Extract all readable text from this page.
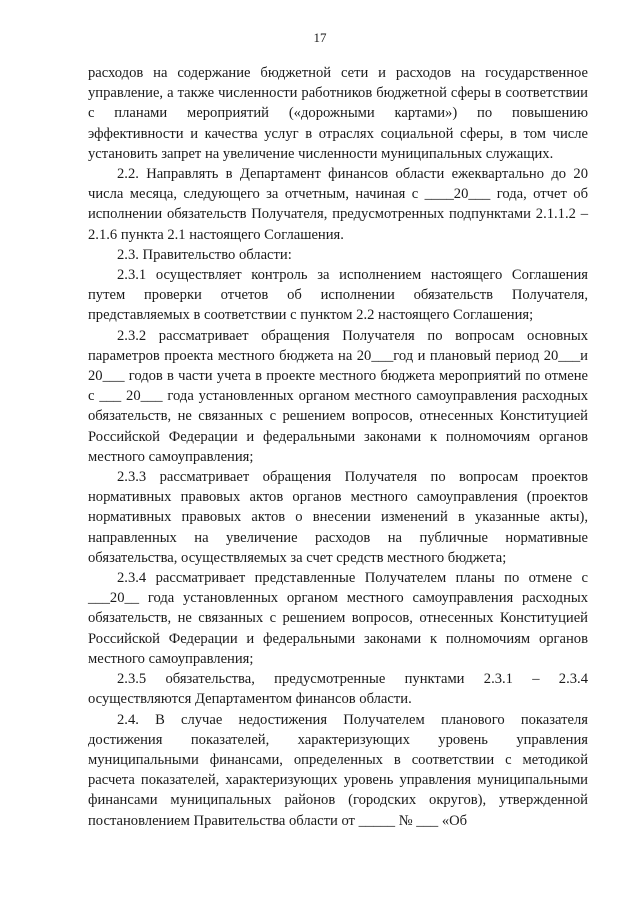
17

расходов на содержание бюджетной сети и расходов на государственное управление, а также численности работников бюджетной сферы в соответствии с планами мероприятий («дорожными картами») по повышению эффективности и качества услуг в отраслях социальной сферы, в том числе установить запрет на увеличение численности муниципальных служащих.

2.2. Направлять в Департамент финансов области ежеквартально до 20 числа месяца, следующего за отчетным, начиная с ____20___ года, отчет об исполнении обязательств Получателя, предусмотренных подпунктами 2.1.1.2 – 2.1.6 пункта 2.1 настоящего Соглашения.

2.3. Правительство области:

2.3.1 осуществляет контроль за исполнением настоящего Соглашения путем проверки отчетов об исполнении обязательств Получателя, представляемых в соответствии с пунктом 2.2 настоящего Соглашения;

2.3.2 рассматривает обращения Получателя по вопросам основных параметров проекта местного бюджета на 20___год и плановый период 20___и 20___ годов в части учета в проекте местного бюджета мероприятий по отмене с ___ 20___ года установленных органом местного самоуправления расходных обязательств, не связанных с решением вопросов, отнесенных Конституцией Российской Федерации и федеральными законами к полномочиям органов местного самоуправления;

2.3.3 рассматривает обращения Получателя по вопросам проектов нормативных правовых актов органов местного самоуправления (проектов нормативных правовых актов о внесении изменений в указанные акты), направленных на увеличение расходов на публичные нормативные обязательства, осуществляемых за счет средств местного бюджета;

2.3.4 рассматривает представленные Получателем планы по отмене с ___20__ года установленных органом местного самоуправления расходных обязательств, не связанных с решением вопросов, отнесенных Конституцией Российской Федерации и федеральными законами к полномочиям органов местного самоуправления;

2.3.5 обязательства, предусмотренные пунктами 2.3.1 – 2.3.4 осуществляются Департаментом финансов области.

2.4. В случае недостижения Получателем планового показателя достижения показателей, характеризующих уровень управления муниципальными финансами, определенных в соответствии с методикой расчета показателей, характеризующих уровень управления муниципальными финансами муниципальных районов (городских округов), утвержденной постановлением Правительства области от _____ № ___ «Об
